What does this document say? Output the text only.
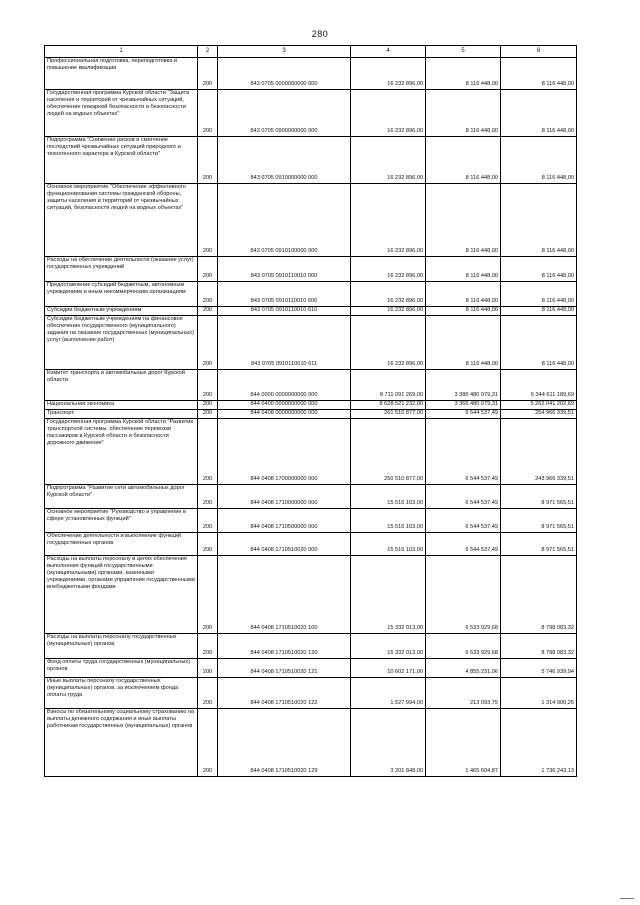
280
1	2	3	4	5	6

Профессиональная подготовка, переподготовка и повышение квалификации	200	843 0705 0000000000 000	16 232 896,00	8 116 448,00	8 116 448,00

Государственная программа Курской области "Защита населения и территорий от чрезвычайных ситуаций, обеспечение пожарной безопасности и безопасности людей на водных объектах"	200	843 0705 0900000000 000	16 232 896,00	8 116 448,00	8 116 448,00

Подпрограмма "Снижение рисков и смягчение последствий чрезвычайных ситуаций природного и техногенного характера в Курской области"	200	843 0705 0910000000 000	16 232 896,00	8 116 448,00	8 116 448,00

Основное мероприятие "Обеспечение эффективного функционирования системы гражданской обороны, защиты населения и территорий от чрезвычайных ситуаций, безопасности людей на водных объектах"	200	843 0705 0910100000 000	16 232 896,00	8 116 448,00	8 116 448,00

Расходы на обеспечение деятельности (оказание услуг) государственных учреждений	200	843 0705 0910110010 000	16 232 896,00	8 116 448,00	8 116 448,00

Предоставление субсидий бюджетным, автономным учреждениям и иным некоммерческим организациям	200	843 0705 0910110010 600	16 232 896,00	8 116 448,00	8 116 448,00

Субсидии бюджетным учреждениям	200	843 0705 0910110010 610	16 232 896,00	8 116 448,00	8 116 448,00

Субсидии бюджетным учреждениям на финансовое обеспечение государственного (муниципального) задания на оказание государственных (муниципальных) услуг (выполнение работ)	200	843 0705 0910110010 611	16 232 896,00	8 116 448,00	8 116 448,00

Комитет транспорта и автомобильных дорог Курской области	200	844 0000 0000000000 000	8 711 091 269,00	3 386 480 079,31	5 344 611 189,69

Национальная экономика	200	844 0400 0000000000 000	8 628 521 232,00	3 366 480 079,31	5 262 041 202,69

Транспорт	200	844 0408 0000000000 000	261 510 877,00	6 544 537,49	254 966 339,51

Государственная программа Курской области "Развитие транспортной системы, обеспечение перевозки пассажиров в Курской области и безопасности дорожного движения"	200	844 0408 1700000000 000	250 510 877,00	6 544 537,49	243 966 339,51

Подпрограмма "Развитие сети автомобильных дорог Курской области"	200	844 0408 1710000000 000	15 516 103,00	6 544 537,49	8 971 565,51

Основное мероприятие "Руководство и управление в сфере установленных функций"	200	844 0408 1710500000 000	15 516 103,00	6 544 537,49	8 971 565,51

Обеспечение деятельности и выполнение функций государственных органов	200	844 0408 1710510020 000	15 516 103,00	6 544 537,49	8 971 565,51

Расходы на выплаты персоналу в целях обеспечения выполнения функций государственными (муниципальными) органами, казенными учреждениями, органами управления государственными внебюджетными фондами	200	844 0408 1710510020 100	15 332 013,00	6 533 929,68	8 798 083,32

Расходы на выплаты персоналу государственных (муниципальных) органов	200	844 0408 1710510020 120	15 332 013,00	6 533 929,68	8 798 083,32

Фонд оплаты труда государственных (муниципальных) органов	200	844 0408 1710510020 121	10 602 171,00	4 855 231,06	5 746 939,94

Иные выплаты персоналу государственных (муниципальных) органов, за исключением фонда оплаты труда	200	844 0408 1710510020 122	1 527 994,00	213 093,75	1 314 900,25

Взносы по обязательному социальному страхованию на выплаты денежного содержания и иные выплаты работникам государственных (муниципальных) органов	200	844 0408 1710510020 129	3 201 848,00	1 465 604,87	1 736 243,13
